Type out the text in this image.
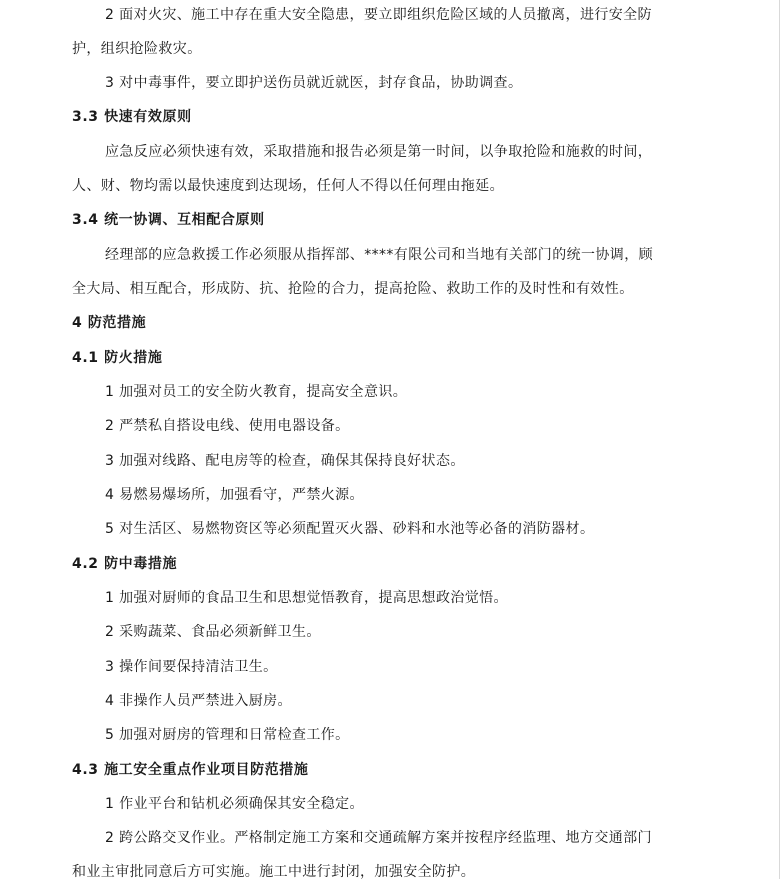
2 面对火灾、施工中存在重大安全隐患，要立即组织危险区域的人员撤离，进行安全防
护，组织抢险救灾。
3 对中毒事件，要立即护送伤员就近就医，封存食品，协助调查。
3.3 快速有效原则
应急反应必须快速有效，采取措施和报告必须是第一时间，以争取抢险和施救的时间，
人、财、物均需以最快速度到达现场，任何人不得以任何理由拖延。
3.4 统一协调、互相配合原则
经理部的应急救援工作必须服从指挥部、****有限公司和当地有关部门的统一协调，顾
全大局、相互配合，形成防、抗、抢险的合力，提高抢险、救助工作的及时性和有效性。
4 防范措施
4.1 防火措施
1 加强对员工的安全防火教育，提高安全意识。
2 严禁私自搭设电线、使用电器设备。
3 加强对线路、配电房等的检查，确保其保持良好状态。
4 易燃易爆场所，加强看守，严禁火源。
5 对生活区、易燃物资区等必须配置灭火器、砂料和水池等必备的消防器材。
4.2 防中毒措施
1 加强对厨师的食品卫生和思想觉悟教育，提高思想政治觉悟。
2 采购蔬菜、食品必须新鲜卫生。
3 操作间要保持清洁卫生。
4 非操作人员严禁进入厨房。
5 加强对厨房的管理和日常检查工作。
4.3 施工安全重点作业项目防范措施
1 作业平台和钻机必须确保其安全稳定。
2 跨公路交叉作业。严格制定施工方案和交通疏解方案并按程序经监理、地方交通部门
和业主审批同意后方可实施。施工中进行封闭，加强安全防护。
